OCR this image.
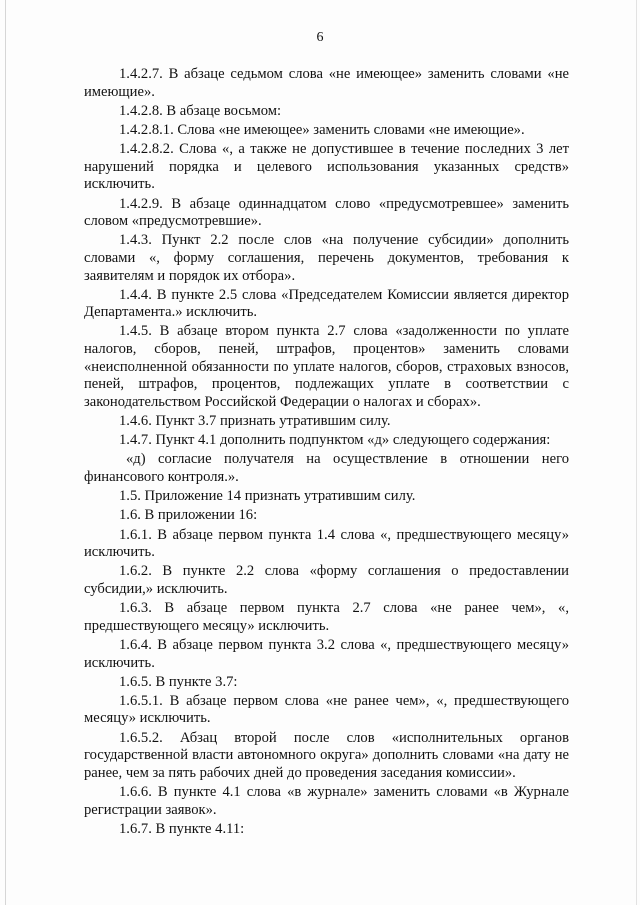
6

1.4.2.7. В абзаце седьмом слова «не имеющее» заменить словами «не имеющие».

1.4.2.8. В абзаце восьмом:

1.4.2.8.1. Слова «не имеющее» заменить словами «не имеющие».

1.4.2.8.2. Слова «, а также не допустившее в течение последних 3 лет нарушений порядка и целевого использования указанных средств» исключить.

1.4.2.9. В абзаце одиннадцатом слово «предусмотревшее» заменить словом «предусмотревшие».

1.4.3. Пункт 2.2 после слов «на получение субсидии» дополнить словами «, форму соглашения, перечень документов, требования к заявителям и порядок их отбора».

1.4.4. В пункте 2.5 слова «Председателем Комиссии является директор Департамента.» исключить.

1.4.5. В абзаце втором пункта 2.7 слова «задолженности по уплате налогов, сборов, пеней, штрафов, процентов» заменить словами «неисполненной обязанности по уплате налогов, сборов, страховых взносов, пеней, штрафов, процентов, подлежащих уплате в соответствии с законодательством Российской Федерации о налогах и сборах».

1.4.6. Пункт 3.7 признать утратившим силу.

1.4.7. Пункт 4.1 дополнить подпунктом «д» следующего содержания:

«д) согласие получателя на осуществление в отношении него финансового контроля.».

1.5. Приложение 14 признать утратившим силу.

1.6. В приложении 16:

1.6.1. В абзаце первом пункта 1.4 слова «, предшествующего месяцу» исключить.

1.6.2. В пункте 2.2 слова «форму соглашения о предоставлении субсидии,» исключить.

1.6.3. В абзаце первом пункта 2.7 слова «не ранее чем», «, предшествующего месяцу» исключить.

1.6.4. В абзаце первом пункта 3.2 слова «, предшествующего месяцу» исключить.

1.6.5. В пункте 3.7:

1.6.5.1. В абзаце первом слова «не ранее чем», «, предшествующего месяцу» исключить.

1.6.5.2. Абзац второй после слов «исполнительных органов государственной власти автономного округа» дополнить словами «на дату не ранее, чем за пять рабочих дней до проведения заседания комиссии».

1.6.6. В пункте 4.1 слова «в журнале» заменить словами «в Журнале регистрации заявок».

1.6.7. В пункте 4.11:
